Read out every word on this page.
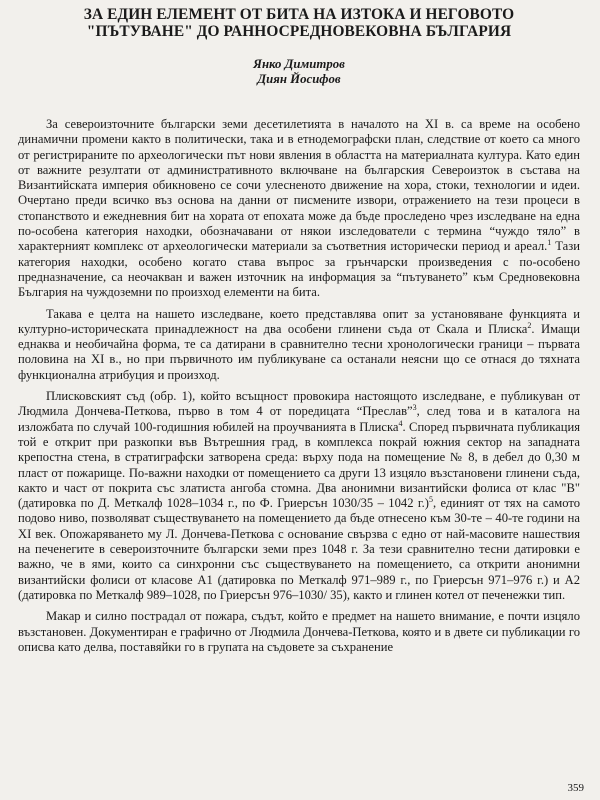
ЗА ЕДИН ЕЛЕМЕНТ ОТ БИТА НА ИЗТОКА И НЕГОВОТО
"ПЪТУВАНЕ" ДО РАННОСРЕДНОВЕКОВНА БЪЛГАРИЯ
Янко Димитров
Диян Йосифов

За североизточните български земи десетилетията в началото на XI в. са време на особено динамични промени както в политически, така и в етнодемографски план, следствие от което са много от регистрираните по археологически път нови явления в областта на материалната култура. Като един от важните резултати от административното включване на българския Североизток в състава на Византийската империя обикновено се сочи улесненото движение на хора, стоки, технологии и идеи. Очертано преди всичко въз основа на данни от писмените извори, отражението на тези процеси в стопанството и ежедневния бит на хората от епохата може да бъде проследено чрез изследване на една по-особена категория находки, обозначавани от някои изследователи с термина “чуждо тяло” в характерният комплекс от археологически материали за съответния исторически период и ареал.$^1$ Тази категория находки, особено когато става въпрос за грънчарски произведения с по-особено предназначение, са неочакван и важен източник на информация за “пътуването” към Средновековна България на чуждоземни по произход елементи на бита.

Такава е целта на нашето изследване, което представлява опит за установяване функцията и културно-историческата принадлежност на два особени глинени съда от Скала и Плиска$^2$. Имащи еднаква и необичайна форма, те са датирани в сравнително тесни хронологически граници – първата половина на XI в., но при първичното им публикуване са останали неясни що се отнася до тяхната функционална атрибуция и произход.

Плисковският съд (обр. 1), който всъщност провокира настоящото изследване, е публикуван от Людмила Дончева-Петкова, първо в том 4 от поредицата “Преслав”$^3$, след това и в каталога на изложбата по случай 100-годишния юбилей на проучванията в Плиска$^4$. Според първичната публикация той е открит при разкопки във Вътрешния град, в комплекса покрай южния сектор на западната крепостна стена, в стратиграфски затворена среда: върху пода на помещение № 8, в дебел до 0,30 м пласт от пожарище. По-важни находки от помещението са други 13 изцяло възстановени глинени съда, както и част от покрита със златиста ангоба стомна. Два анонимни византийски фолиса от клас "В" (датировка по Д. Меткалф 1028–1034 г., по Ф. Гриерсън 1030/35 – 1042 г.)$^5$, единият от тях на самото подово ниво, позволяват съществуването на помещението да бъде отнесено към 30-те – 40-те години на XI век. Опожаряването му Л. Дончева-Петкова с основание свързва с едно от най-масовите нашествия на печенегите в североизточните български земи през 1048 г. За тези сравнително тесни датировки е важно, че в ями, които са синхронни със съществуването на помещението, са открити анонимни византийски фолиси от класове А1 (датировка по Меткалф 971–989 г., по Гриерсън 971–976 г.) и А2 (датировка по Меткалф 989–1028, по Гриерсън 976–1030/ 35), както и глинен котел от печенежки тип.

Макар и силно пострадал от пожара, съдът, който е предмет на нашето внимание, е почти изцяло възстановен. Документиран е графично от Людмила Дончева-Петкова, която и в двете си публикации го описва като делва, поставяйки го в групата на съдовете за съхранение

359
